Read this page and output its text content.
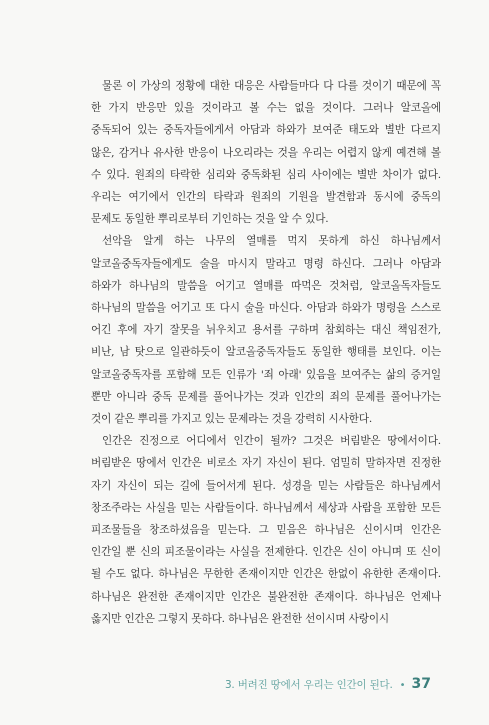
물론 이 가상의 정황에 대한 대응은 사람들마다 다 다를 것이기 때문에 꼭 한 가지 반응만 있을 것이라고 볼 수는 없을 것이다. 그러나 알코올에 중독되어 있는 중독자들에게서 아담과 하와가 보여준 태도와 별반 다르지 않은, 감거나 유사한 반응이 나오리라는 것을 우리는 어렵지 않게 예견해 볼 수 있다. 원죄의 타락한 심리와 중독화된 심리 사이에는 별반 차이가 없다. 우리는 여기에서 인간의 타락과 원죄의 기원을 발견함과 동시에 중독의 문제도 동일한 뿌리로부터 기인하는 것을 알 수 있다.

선악을 알게 하는 나무의 열매를 먹지 못하게 하신 하나님께서 알코올중독자들에게도 술을 마시지 말라고 명령 하신다. 그러나 아담과 하와가 하나님의 말씀을 어기고 열매를 따먹은 것처럼, 알코올독자들도 하나님의 말씀을 어기고 또 다시 술을 마신다. 아담과 하와가 명령을 스스로 어긴 후에 자기 잘못을 뉘우치고 용서를 구하며 참회하는 대신 책임전가, 비난, 남 탓으로 일관하듯이 알코올중독자들도 동일한 행태를 보인다. 이는 알코올중독자를 포함해 모든 인류가 '죄 아래' 있음을 보여주는 삶의 증거일 뿐만 아니라 중독 문제를 풀어나가는 것과 인간의 죄의 문제를 풀어나가는 것이 같은 뿌리를 가지고 있는 문제라는 것을 강력히 시사한다.

인간은 진정으로 어디에서 인간이 될까? 그것은 버림받은 땅에서이다. 버림받은 땅에서 인간은 비로소 자기 자신이 된다. 엄밀히 말하자면 진정한 자기 자신이 되는 길에 들어서게 된다. 성경을 믿는 사람들은 하나님께서 창조주라는 사실을 믿는 사람들이다. 하나님께서 세상과 사람을 포함한 모든 피조물들을 창조하셨음을 믿는다. 그 믿음은 하나님은 신이시며 인간은 인간일 뿐 신의 피조물이라는 사실을 전제한다. 인간은 신이 아니며 또 신이 될 수도 없다. 하나님은 무한한 존재이지만 인간은 한없이 유한한 존재이다. 하나님은 완전한 존재이지만 인간은 불완전한 존재이다. 하나님은 언제나 옳지만 인간은 그렇지 못하다. 하나님은 완전한 선이시며 사랑이시

3. 버려진 땅에서 우리는 인간이 된다. • 37
